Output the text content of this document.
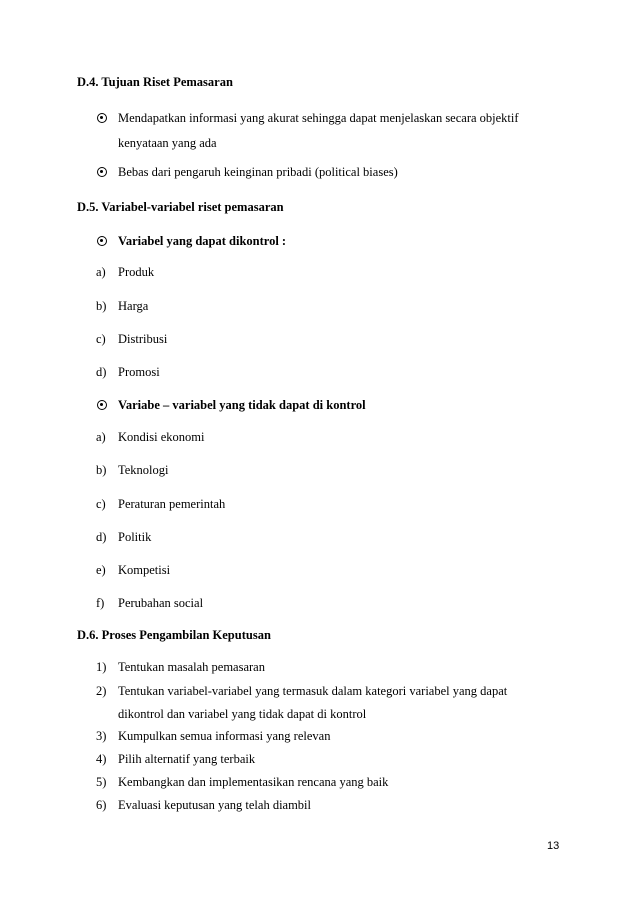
D.4. Tujuan Riset Pemasaran
Mendapatkan informasi yang akurat sehingga dapat menjelaskan secara objektif
kenyataan yang ada
Bebas dari pengaruh keinginan pribadi (political biases)
D.5. Variabel-variabel riset pemasaran
Variabel yang dapat dikontrol :
a) Produk
b) Harga
c) Distribusi
d) Promosi
Variabe – variabel yang tidak dapat di kontrol
a) Kondisi ekonomi
b) Teknologi
c) Peraturan pemerintah
d) Politik
e) Kompetisi
f) Perubahan social
D.6. Proses Pengambilan Keputusan
1) Tentukan masalah pemasaran
2) Tentukan variabel-variabel yang termasuk dalam kategori variabel yang dapat
dikontrol dan variabel yang tidak dapat di kontrol
3) Kumpulkan semua informasi yang relevan
4) Pilih alternatif yang terbaik
5) Kembangkan dan implementasikan rencana yang baik
6) Evaluasi keputusan yang telah diambil
13
